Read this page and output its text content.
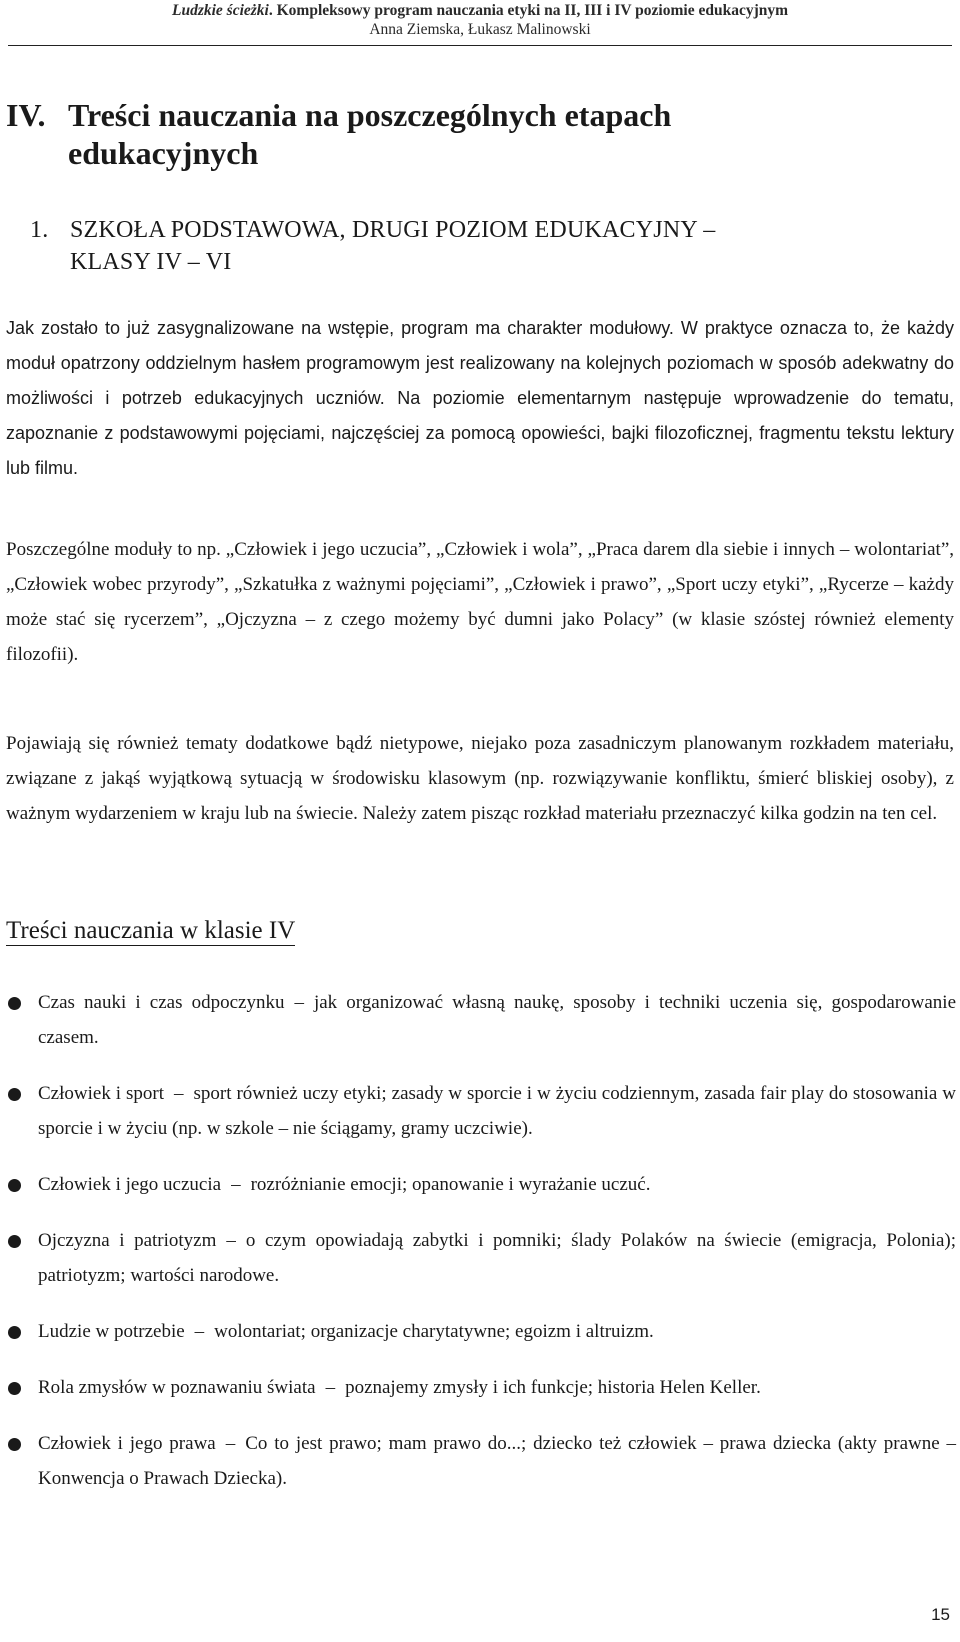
Ludzkie ścieżki. Kompleksowy program nauczania etyki na II, III i IV poziomie edukacyjnym
Anna Ziemska, Łukasz Malinowski
IV. Treści nauczania na poszczególnych etapach
edukacyjnych
1. SZKOŁA PODSTAWOWA, DRUGI POZIOM EDUKACYJNY –
KLASY IV – VI

Jak zostało to już zasygnalizowane na wstępie, program ma charakter modułowy. W praktyce oznacza to, że każdy moduł opatrzony oddzielnym hasłem programowym jest realizowany na kolejnych poziomach w sposób adekwatny do możliwości i potrzeb edukacyjnych uczniów. Na poziomie elementarnym następuje wprowadzenie do tematu, zapoznanie z podstawowymi pojęciami, najczęściej za pomocą opowieści, bajki filozoficznej, fragmentu tekstu lektury lub filmu.

Poszczególne moduły to np. „Człowiek i jego uczucia”, „Człowiek i wola”, „Praca darem dla siebie i innych – wolontariat”, „Człowiek wobec przyrody”, „Szkatułka z ważnymi pojęciami”, „Człowiek i prawo”, „Sport uczy etyki”, „Rycerze – każdy może stać się rycerzem”, „Ojczyzna – z czego możemy być dumni jako Polacy” (w klasie szóstej również elementy filozofii).

Pojawiają się również tematy dodatkowe bądź nietypowe, niejako poza zasadniczym planowanym rozkładem materiału, związane z jakąś wyjątkową sytuacją w środowisku klasowym (np. rozwiązywanie konfliktu, śmierć bliskiej osoby), z ważnym wydarzeniem w kraju lub na świecie. Należy zatem pisząc rozkład materiału przeznaczyć kilka godzin na ten cel.

Treści nauczania w klasie IV
Czas nauki i czas odpoczynku – jak organizować własną naukę, sposoby i techniki uczenia się, gospodarowanie czasem.
Człowiek i sport – sport również uczy etyki; zasady w sporcie i w życiu codziennym, zasada fair play do stosowania w sporcie i w życiu (np. w szkole – nie ściągamy, gramy uczciwie).
Człowiek i jego uczucia – rozróżnianie emocji; opanowanie i wyrażanie uczuć.
Ojczyzna i patriotyzm – o czym opowiadają zabytki i pomniki; ślady Polaków na świecie (emigracja, Polonia); patriotyzm; wartości narodowe.
Ludzie w potrzebie – wolontariat; organizacje charytatywne; egoizm i altruizm.
Rola zmysłów w poznawaniu świata – poznajemy zmysły i ich funkcje; historia Helen Keller.
Człowiek i jego prawa – Co to jest prawo; mam prawo do...; dziecko też człowiek – prawa dziecka (akty prawne – Konwencja o Prawach Dziecka).
15
